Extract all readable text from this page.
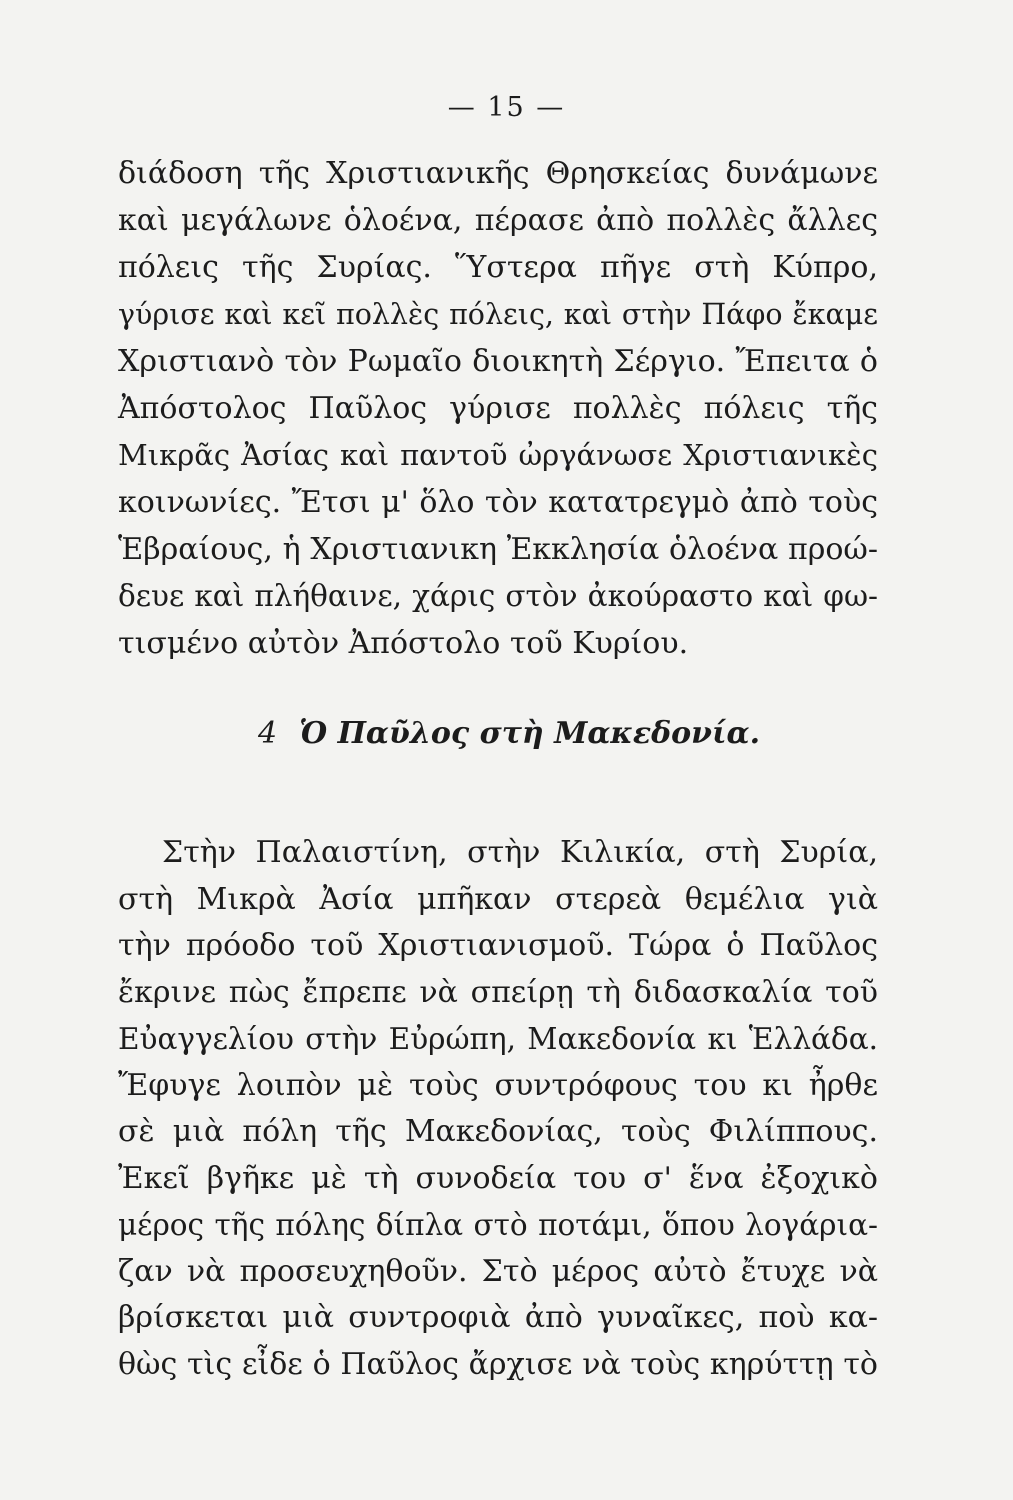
— 15 —
διάδοση τῆς Χριστιανικῆς Θρησκείας δυνάμωνε
καὶ μεγάλωνε ὁλοένα, πέρασε ἀπὸ πολλὲς ἄλλες
πόλεις τῆς Συρίας. Ὕστερα πῆγε στὴ Κύπρο,
γύρισε καὶ κεῖ πολλὲς πόλεις, καὶ στὴν Πάφο ἔκαμε
Χριστιανὸ τὸν Ρωμαῖο διοικητὴ Σέργιο. Ἔπειτα ὁ
Ἀπόστολος Παῦλος γύρισε πολλὲς πόλεις τῆς
Μικρᾶς Ἀσίας καὶ παντοῦ ὠργάνωσε Χριστιανικὲς
κοινωνίες. Ἔτσι μ' ὅλο τὸν κατατρεγμὸ ἀπὸ τοὺς
Ἑβραίους, ἡ Χριστιανικη Ἐκκλησία ὁλοένα προώ-
δευε καὶ πλήθαινε, χάρις στὸν ἀκούραστο καὶ φω-
τισμένο αὐτὸν Ἀπόστολο τοῦ Κυρίου.
4 Ὁ Παῦλος στὴ Μακεδονία.
Στὴν Παλαιστίνη, στὴν Κιλικία, στὴ Συρία,
στὴ Μικρὰ Ἀσία μπῆκαν στερεὰ θεμέλια γιὰ
τὴν πρόοδο τοῦ Χριστιανισμοῦ. Τώρα ὁ Παῦλος
ἔκρινε πὼς ἔπρεπε νὰ σπείρῃ τὴ διδασκαλία τοῦ
Εὐαγγελίου στὴν Εὐρώπη, Μακεδονία κι Ἑλλάδα.
Ἔφυγε λοιπὸν μὲ τοὺς συντρόφους του κι ἦρθε
σὲ μιὰ πόλη τῆς Μακεδονίας, τοὺς Φιλίππους.
Ἐκεῖ βγῆκε μὲ τὴ συνοδεία του σ' ἕνα ἐξοχικὸ
μέρος τῆς πόλης δίπλα στὸ ποτάμι, ὅπου λογάρια-
ζαν νὰ προσευχηθοῦν. Στὸ μέρος αὐτὸ ἔτυχε νὰ
βρίσκεται μιὰ συντροφιὰ ἀπὸ γυναῖκες, ποὺ κα-
θὼς τὶς εἶδε ὁ Παῦλος ἄρχισε νὰ τοὺς κηρύττῃ τὸ
